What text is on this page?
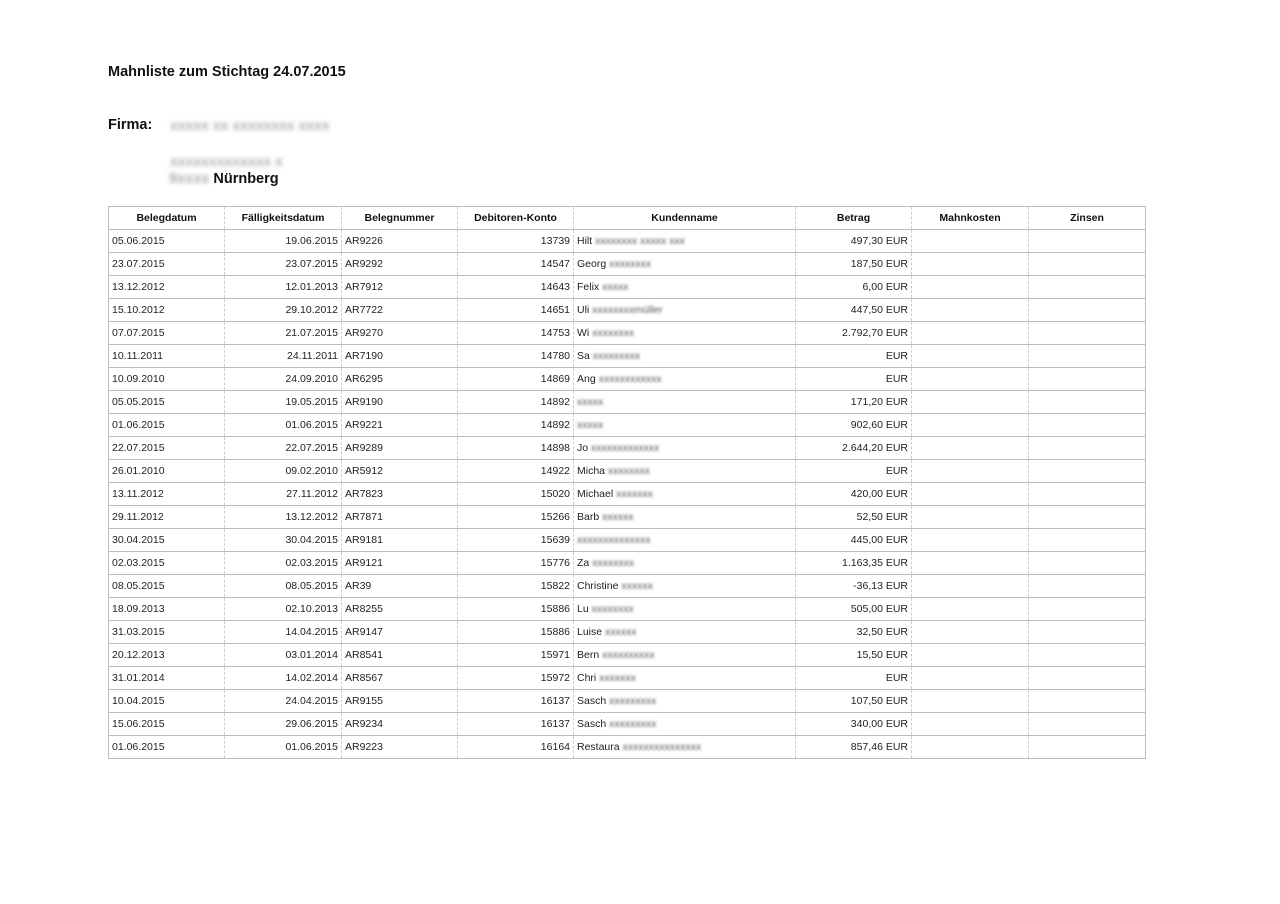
Mahnliste zum Stichtag 24.07.2015
Firma: xxxxx xx xxxxxxxx xxxx
xxxxxxxxxxxxx x
9xxxx Nürnberg
Belegdatum	Fälligkeitsdatum	Belegnummer	Debitoren-Konto	Kundenname	Betrag	Mahnkosten	Zinsen
05.06.2015	19.06.2015	AR9226	13739	Hilt xxxxxxxx xxxxx xxx	497,30 EUR		
23.07.2015	23.07.2015	AR9292	14547	Georg xxxxxxxx	187,50 EUR		
13.12.2012	12.01.2013	AR7912	14643	Felix xxxxx	6,00 EUR		
15.10.2012	29.10.2012	AR7722	14651	Uli xxxxxxxxmüller	447,50 EUR		
07.07.2015	21.07.2015	AR9270	14753	Wi xxxxxxxx	2.792,70 EUR		
10.11.2011	24.11.2011	AR7190	14780	Sa xxxxxxxxx	EUR		
10.09.2010	24.09.2010	AR6295	14869	Ang xxxxxxxxxxxx	EUR		
05.05.2015	19.05.2015	AR9190	14892	xxxxx	171,20 EUR		
01.06.2015	01.06.2015	AR9221	14892	xxxxx	902,60 EUR		
22.07.2015	22.07.2015	AR9289	14898	Jo xxxxxxxxxxxxx	2.644,20 EUR		
26.01.2010	09.02.2010	AR5912	14922	Micha xxxxxxxx	EUR		
13.11.2012	27.11.2012	AR7823	15020	Michael xxxxxxx	420,00 EUR		
29.11.2012	13.12.2012	AR7871	15266	Barb xxxxxx	52,50 EUR		
30.04.2015	30.04.2015	AR9181	15639	xxxxxxxxxxxxxx	445,00 EUR		
02.03.2015	02.03.2015	AR9121	15776	Za xxxxxxxx	1.163,35 EUR		
08.05.2015	08.05.2015	AR39	15822	Christine xxxxxx	-36,13 EUR		
18.09.2013	02.10.2013	AR8255	15886	Lu xxxxxxxx	505,00 EUR		
31.03.2015	14.04.2015	AR9147	15886	Luise xxxxxx	32,50 EUR		
20.12.2013	03.01.2014	AR8541	15971	Bern xxxxxxxxxx	15,50 EUR		
31.01.2014	14.02.2014	AR8567	15972	Chri xxxxxxx	EUR		
10.04.2015	24.04.2015	AR9155	16137	Sasch xxxxxxxxx	107,50 EUR		
15.06.2015	29.06.2015	AR9234	16137	Sasch xxxxxxxxx	340,00 EUR		
01.06.2015	01.06.2015	AR9223	16164	Restaura xxxxxxxxxxxxxxx	857,46 EUR		
